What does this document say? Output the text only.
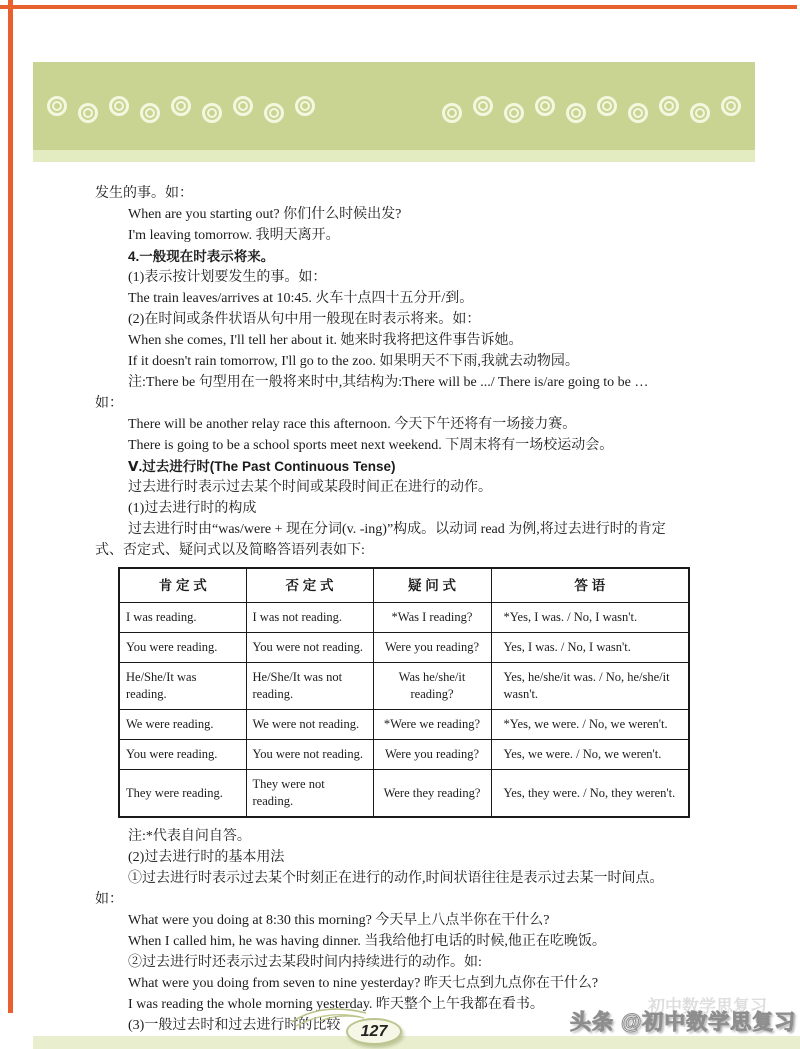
发生的事。如：
When are you starting out? 你们什么时候出发?
I'm leaving tomorrow. 我明天离开。
4.一般现在时表示将来。
(1)表示按计划要发生的事。如：
The train leaves/arrives at 10:45. 火车十点四十五分开/到。
(2)在时间或条件状语从句中用一般现在时表示将来。如：
When she comes, I'll tell her about it. 她来时我将把这件事告诉她。
If it doesn't rain tomorrow, I'll go to the zoo. 如果明天不下雨,我就去动物园。
注:There be 句型用在一般将来时中,其结构为:There will be .../ There is/are going to be …
如：
There will be another relay race this afternoon. 今天下午还将有一场接力赛。
There is going to be a school sports meet next weekend. 下周末将有一场校运动会。
Ⅴ.过去进行时(The Past Continuous Tense)
过去进行时表示过去某个时间或某段时间正在进行的动作。
(1)过去进行时的构成
过去进行时由“was/were + 现在分词(v. -ing)”构成。以动词 read 为例,将过去进行时的肯定
式、否定式、疑问式以及简略答语列表如下:
肯 定 式	否 定 式	疑 问 式	答 语
I was reading.	I was not reading.	*Was I reading?	*Yes, I was. / No, I wasn't.
You were reading.	You were not reading.	Were you reading?	Yes, I was. / No, I wasn't.
He/She/It was reading.	He/She/It was not reading.	Was he/she/it reading?	Yes, he/she/it was. / No, he/she/it wasn't.
We were reading.	We were not reading.	*Were we reading?	*Yes, we were. / No, we weren't.
You were reading.	You were not reading.	Were you reading?	Yes, we were. / No, we weren't.
They were reading.	They were not reading.	Were they reading?	Yes, they were. / No, they weren't.
注:*代表自问自答。
(2)过去进行时的基本用法
①过去进行时表示过去某个时刻正在进行的动作,时间状语往往是表示过去某一时间点。
如：
What were you doing at 8:30 this morning? 今天早上八点半你在干什么?
When I called him, he was having dinner. 当我给他打电话的时候,他正在吃晚饭。
②过去进行时还表示过去某段时间内持续进行的动作。如:
What were you doing from seven to nine yesterday? 昨天七点到九点你在干什么?
I was reading the whole morning yesterday. 昨天整个上午我都在看书。
(3)一般过去时和过去进行时的比较	127
初中数学思复习
头条 @初中数学思复习
